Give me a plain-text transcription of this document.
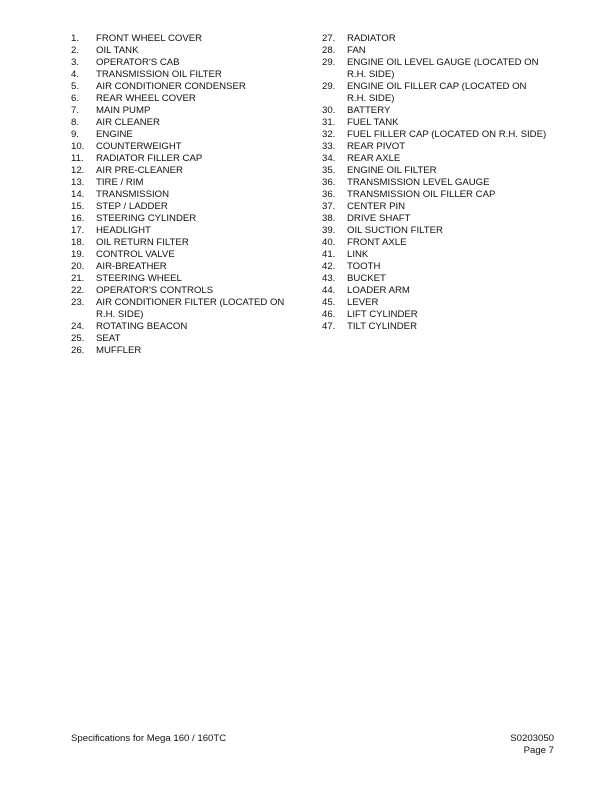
1.	FRONT WHEEL COVER
2.	OIL TANK
3.	OPERATOR'S CAB
4.	TRANSMISSION OIL FILTER
5.	AIR CONDITIONER CONDENSER
6.	REAR WHEEL COVER
7.	MAIN PUMP
8.	AIR CLEANER
9.	ENGINE
10.	COUNTERWEIGHT
11.	RADIATOR FILLER CAP
12.	AIR PRE-CLEANER
13.	TIRE / RIM
14.	TRANSMISSION
15.	STEP / LADDER
16.	STEERING CYLINDER
17.	HEADLIGHT
18.	OIL RETURN FILTER
19.	CONTROL VALVE
20.	AIR-BREATHER
21.	STEERING WHEEL
22.	OPERATOR'S CONTROLS
23.	AIR CONDITIONER FILTER (LOCATED ON R.H. SIDE)
24.	ROTATING BEACON
25.	SEAT
26.	MUFFLER
27.	RADIATOR
28.	FAN
29.	ENGINE OIL LEVEL GAUGE (LOCATED ON R.H. SIDE)
29.	ENGINE OIL FILLER CAP (LOCATED ON R.H. SIDE)
30.	BATTERY
31.	FUEL TANK
32.	FUEL FILLER CAP (LOCATED ON R.H. SIDE)
33.	REAR PIVOT
34.	REAR AXLE
35.	ENGINE OIL FILTER
36.	TRANSMISSION LEVEL GAUGE
36.	TRANSMISSION OIL FILLER CAP
37.	CENTER PIN
38.	DRIVE SHAFT
39.	OIL SUCTION FILTER
40.	FRONT AXLE
41.	LINK
42.	TOOTH
43.	BUCKET
44.	LOADER ARM
45.	LEVER
46.	LIFT CYLINDER
47.	TILT CYLINDER
Specifications for Mega 160 / 160TC	S0203050
Page 7
